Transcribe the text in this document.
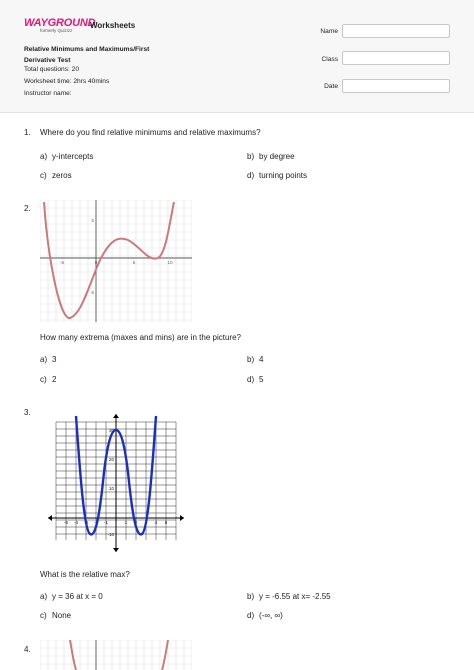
WAYGROUND
formerly Quizizz
Worksheets
Relative Minimums and Maximums/First Derivative Test
Total questions: 20
Worksheet time: 2hrs 40mins
Instructor name:
Name
Class
Date
1. Where do you find relative minimums and relative maximums?
a) y-intercepts	b) by degree
c) zeros	d) turning points
2.
-5	0	5	10
5
-5
How many extrema (maxes and mins) are in the picture?
a) 3	b) 4
c) 2	d) 5
3.
-5 -4 -3 -2 -1	1 2 3 4 5
30
20
10
-10
What is the relative max?
a) y = 36 at x = 0	b) y = -6.55 at x= -2.55
c) None	d) (-∞, ∞)
4.
